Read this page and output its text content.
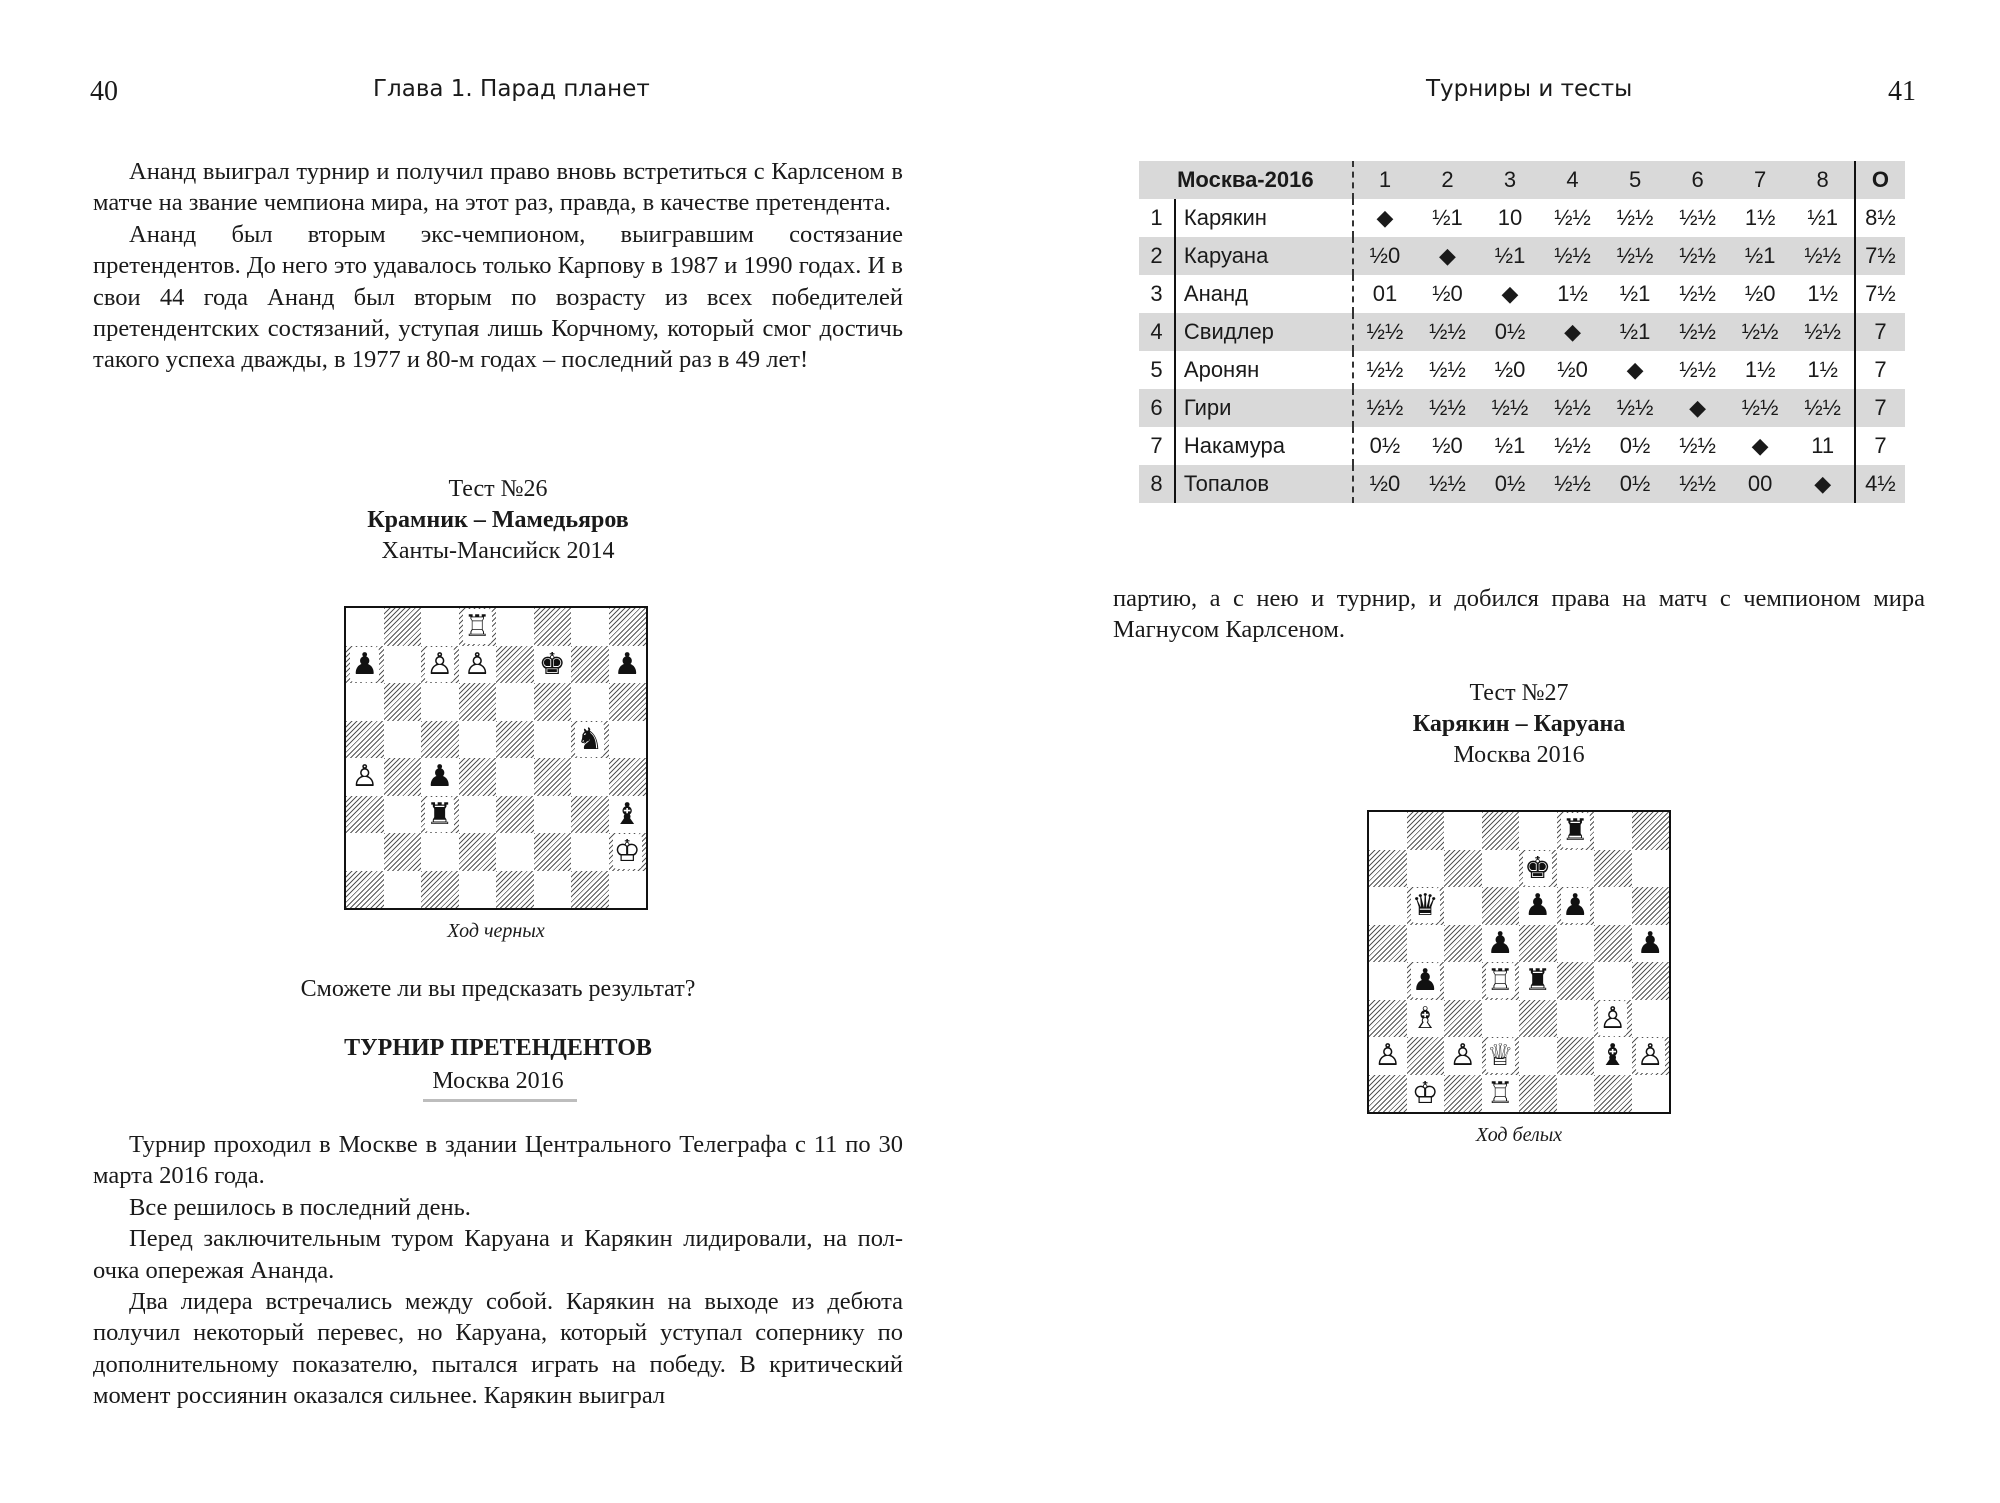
40	Глава 1. Парад планет

Ананд выиграл турнир и получил право вновь встретиться с Карлсеном в матче на звание чемпиона мира, на этот раз, правда, в качестве претендента.

Ананд был вторым экс-чемпионом, выигравшим состязание претендентов. До него это удавалось только Карпову в 1987 и 1990 годах. И в свои 44 года Ананд был вторым по возрасту из всех победителей претендентских состязаний, уступая лишь Корчному, который смог достичь такого успеха дважды, в 1977 и 80-м годах – последний раз в 49 лет!

Тест №26
Крамник – Мамедьяров
Ханты-Мансийск 2014
♖
♟ ♙ ♙ ♚ ♟
♞
♙ ♟
♜	♝
♔
Ход черных
Сможете ли вы предсказать результат?
ТУРНИР ПРЕТЕНДЕНТОВ
Москва 2016

Турнир проходил в Москве в здании Центрального Телеграфа с 11 по 30 марта 2016 года.

Все решилось в последний день.

Перед заключительным туром Каруана и Карякин лидировали, на пол-очка опережая Ананда.

Два лидера встречались между собой. Карякин на выходе из дебюта получил некоторый перевес, но Каруана, который уступал сопернику по дополнительному показателю, пытался играть на победу. В критический момент россиянин оказался сильнее. Карякин выиграл

Турниры и тесты	41
Москва-2016		1	2	3	4	5	6	7	8	O
1	Карякин	◆	½1	10	½½	½½	½½	1½	½1	8½
2	Каруана	½0	◆	½1	½½	½½	½½	½1	½½	7½
3	Ананд	01	½0	◆	1½	½1	½½	½0	1½	7½
4	Свидлер	½½	½½	0½	◆	½1	½½	½½	½½	7
5	Аронян	½½	½½	½0	½0	◆	½½	1½	1½	7
6	Гири	½½	½½	½½	½½	½½	◆	½½	½½	7
7	Накамура	0½	½0	½1	½½	0½	½½	◆	11	7
8	Топалов	½0	½½	0½	½½	0½	½½	00	◆	4½

партию, а с нею и турнир, и добился права на матч с чемпионом мира Магнусом Карлсеном.

Тест №27
Карякин – Каруана
Москва 2016
♜
♚
♛	♟ ♟
♟	♟
♟ ♖ ♜
♗	♙
♙ ♙ ♕	♝ ♙
♔ ♖
Ход белых
